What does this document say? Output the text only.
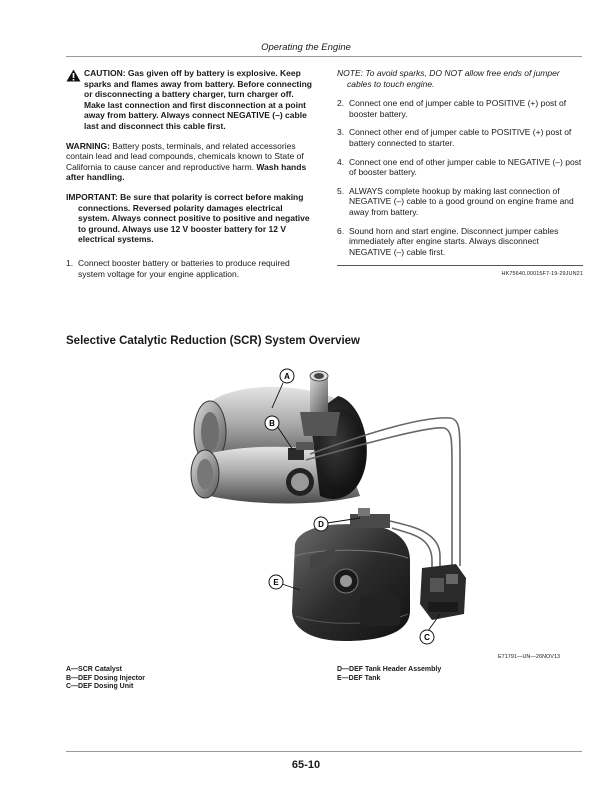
Operating the Engine
CAUTION: Gas given off by battery is explosive. Keep sparks and flames away from battery. Before connecting or disconnecting a battery charger, turn charger off. Make last connection and first disconnection at a point away from battery. Always connect NEGATIVE (–) cable last and disconnect this cable first.
WARNING: Battery posts, terminals, and related accessories contain lead and lead compounds, chemicals known to State of California to cause cancer and reproductive harm. Wash hands after handling.
IMPORTANT: Be sure that polarity is correct before making connections. Reversed polarity damages electrical system. Always connect positive to positive and negative to ground. Always use 12 V booster battery for 12 V electrical systems.
1. Connect booster battery or batteries to produce required system voltage for your engine application.
NOTE: To avoid sparks, DO NOT allow free ends of jumper cables to touch engine.
2. Connect one end of jumper cable to POSITIVE (+) post of booster battery.
3. Connect other end of jumper cable to POSITIVE (+) post of battery connected to starter.
4. Connect one end of other jumper cable to NEGATIVE (–) post of booster battery.
5. ALWAYS complete hookup by making last connection of NEGATIVE (–) cable to a good ground on engine frame and away from battery.
6. Sound horn and start engine. Disconnect jumper cables immediately after engine starts. Always disconnect NEGATIVE (–) cable first.
HK75640,00015F7-19-29JUN21
Selective Catalytic Reduction (SCR) System Overview
A
B
D
E
C
E71791—UN—26NOV13
A—SCR Catalyst
B—DEF Dosing Injector
C—DEF Dosing Unit
D—DEF Tank Header Assembly
E—DEF Tank
65-10
